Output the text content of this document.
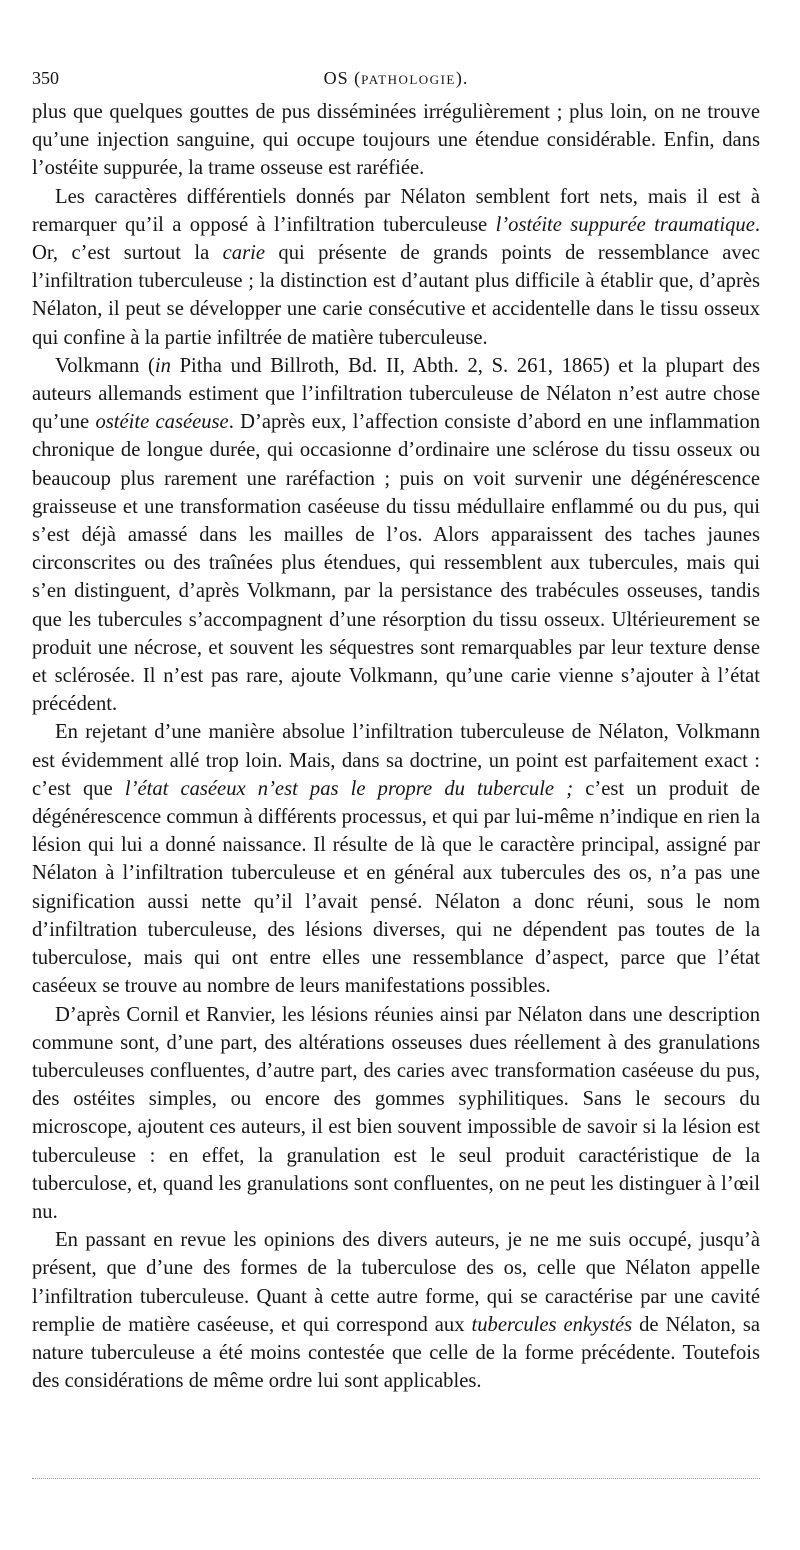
350	OS (PATHOLOGIE).

plus que quelques gouttes de pus disséminées irrégulièrement ; plus loin, on ne trouve qu’une injection sanguine, qui occupe toujours une étendue considérable. Enfin, dans l’ostéite suppurée, la trame osseuse est raréfiée.

Les caractères différentiels donnés par Nélaton semblent fort nets, mais il est à remarquer qu’il a opposé à l’infiltration tuberculeuse l’ostéite suppurée traumatique. Or, c’est surtout la carie qui présente de grands points de ressemblance avec l’infiltration tuberculeuse ; la distinction est d’autant plus difficile à établir que, d’après Nélaton, il peut se développer une carie consécutive et accidentelle dans le tissu osseux qui confine à la partie infiltrée de matière tuberculeuse.

Volkmann (in Pitha und Billroth, Bd. II, Abth. 2, S. 261, 1865) et la plupart des auteurs allemands estiment que l’infiltration tuberculeuse de Nélaton n’est autre chose qu’une ostéite caséeuse. D’après eux, l’affection consiste d’abord en une inflammation chronique de longue durée, qui occasionne d’ordinaire une sclérose du tissu osseux ou beaucoup plus rarement une raréfaction ; puis on voit survenir une dégénérescence graisseuse et une transformation caséeuse du tissu médullaire enflammé ou du pus, qui s’est déjà amassé dans les mailles de l’os. Alors apparaissent des taches jaunes circonscrites ou des traînées plus étendues, qui ressemblent aux tubercules, mais qui s’en distinguent, d’après Volkmann, par la persistance des trabécules osseuses, tandis que les tubercules s’accompagnent d’une résorption du tissu osseux. Ultérieurement se produit une nécrose, et souvent les séquestres sont remarquables par leur texture dense et sclérosée. Il n’est pas rare, ajoute Volkmann, qu’une carie vienne s’ajouter à l’état précédent.

En rejetant d’une manière absolue l’infiltration tuberculeuse de Nélaton, Volkmann est évidemment allé trop loin. Mais, dans sa doctrine, un point est parfaitement exact : c’est que l’état caséeux n’est pas le propre du tubercule ; c’est un produit de dégénérescence commun à différents processus, et qui par lui-même n’indique en rien la lésion qui lui a donné naissance. Il résulte de là que le caractère principal, assigné par Nélaton à l’infiltration tuberculeuse et en général aux tubercules des os, n’a pas une signification aussi nette qu’il l’avait pensé. Nélaton a donc réuni, sous le nom d’infiltration tuberculeuse, des lésions diverses, qui ne dépendent pas toutes de la tuberculose, mais qui ont entre elles une ressemblance d’aspect, parce que l’état caséeux se trouve au nombre de leurs manifestations possibles.

D’après Cornil et Ranvier, les lésions réunies ainsi par Nélaton dans une description commune sont, d’une part, des altérations osseuses dues réellement à des granulations tuberculeuses confluentes, d’autre part, des caries avec transformation caséeuse du pus, des ostéites simples, ou encore des gommes syphilitiques. Sans le secours du microscope, ajoutent ces auteurs, il est bien souvent impossible de savoir si la lésion est tuberculeuse : en effet, la granulation est le seul produit caractéristique de la tuberculose, et, quand les granulations sont confluentes, on ne peut les distinguer à l’œil nu.

En passant en revue les opinions des divers auteurs, je ne me suis occupé, jusqu’à présent, que d’une des formes de la tuberculose des os, celle que Nélaton appelle l’infiltration tuberculeuse. Quant à cette autre forme, qui se caractérise par une cavité remplie de matière caséeuse, et qui correspond aux tubercules enkystés de Nélaton, sa nature tuberculeuse a été moins contestée que celle de la forme précédente. Toutefois des considérations de même ordre lui sont applicables.
